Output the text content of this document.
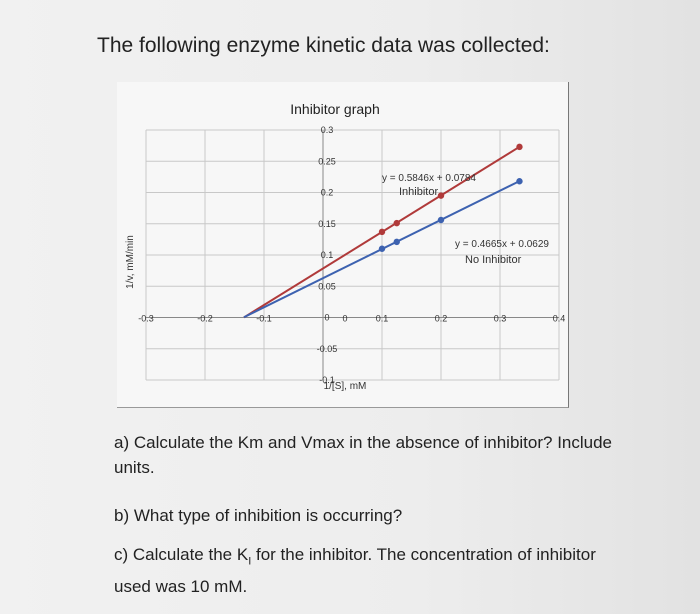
The following enzyme kinetic data was collected:
-0.3	-0.2	-0.1	0.1	0.2	0.3	0.4
-0.1
-0.05
0
0.05
0.1
0.15
0.2
0.25
0.3
0
Inhibitor graph
1/[S], mM
1/v, mM/min
y = 0.5846x + 0.0784
Inhibitor
y = 0.4665x + 0.0629
No Inhibitor
a) Calculate the Km and Vmax in the absence of inhibitor? Include units.
b) What type of inhibition is occurring?
c) Calculate the $K_I$ for the inhibitor. The concentration of inhibitor used was 10 mM.
